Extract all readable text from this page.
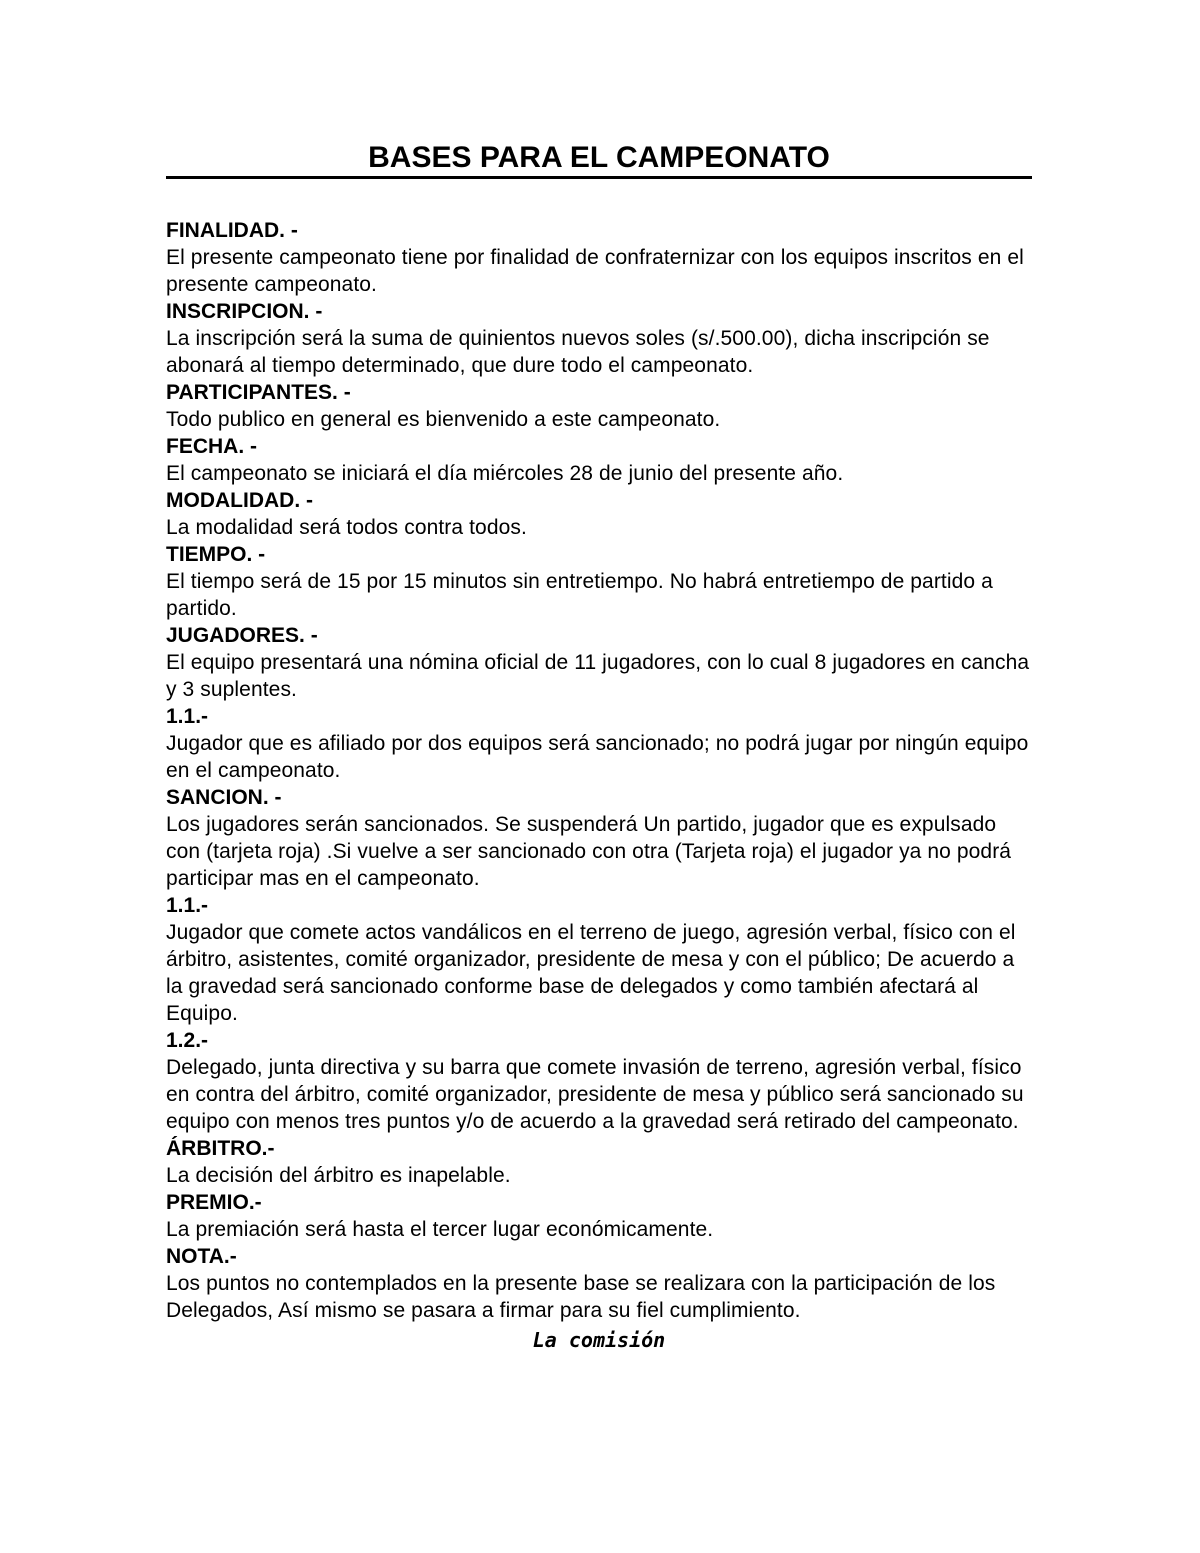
BASES PARA EL CAMPEONATO

FINALIDAD. -

El presente campeonato tiene por finalidad de confraternizar con los equipos inscritos en el presente campeonato.

INSCRIPCION. -

La inscripción será la suma de quinientos nuevos soles (s/.500.00), dicha inscripción se abonará al tiempo determinado, que dure todo el campeonato.

PARTICIPANTES. -

Todo publico en general es bienvenido a este campeonato.

FECHA. -

El campeonato se iniciará el día miércoles 28 de junio del presente año.

MODALIDAD. -

La modalidad será todos contra todos.

TIEMPO. -

El tiempo será de 15 por 15 minutos sin entretiempo. No habrá entretiempo de partido a partido.

JUGADORES. -

El equipo presentará una nómina oficial de 11 jugadores, con lo cual 8 jugadores en cancha y 3 suplentes.

1.1.-

Jugador que es afiliado por dos equipos será sancionado; no podrá jugar por ningún equipo en el campeonato.

SANCION. -

Los jugadores serán sancionados. Se suspenderá Un partido, jugador que es expulsado con (tarjeta roja) .Si vuelve a ser sancionado con otra (Tarjeta roja) el jugador ya no podrá participar mas en el campeonato.

1.1.-

Jugador que comete actos vandálicos en el terreno de juego, agresión verbal, físico con el árbitro, asistentes, comité organizador, presidente de mesa y con el público; De acuerdo a la gravedad será sancionado conforme base de delegados y como también afectará al Equipo.

1.2.-

Delegado, junta directiva y su barra que comete invasión de terreno, agresión verbal, físico en contra del árbitro, comité organizador, presidente de mesa y público será sancionado su equipo con menos tres puntos y/o de acuerdo a la gravedad será retirado del campeonato.

ÁRBITRO.-

La decisión del árbitro es inapelable.

PREMIO.-

La premiación será hasta el tercer lugar económicamente.

NOTA.-

Los puntos no contemplados en la presente base se realizara con la participación de los Delegados, Así mismo se pasara a firmar para su fiel cumplimiento.

La comisión
